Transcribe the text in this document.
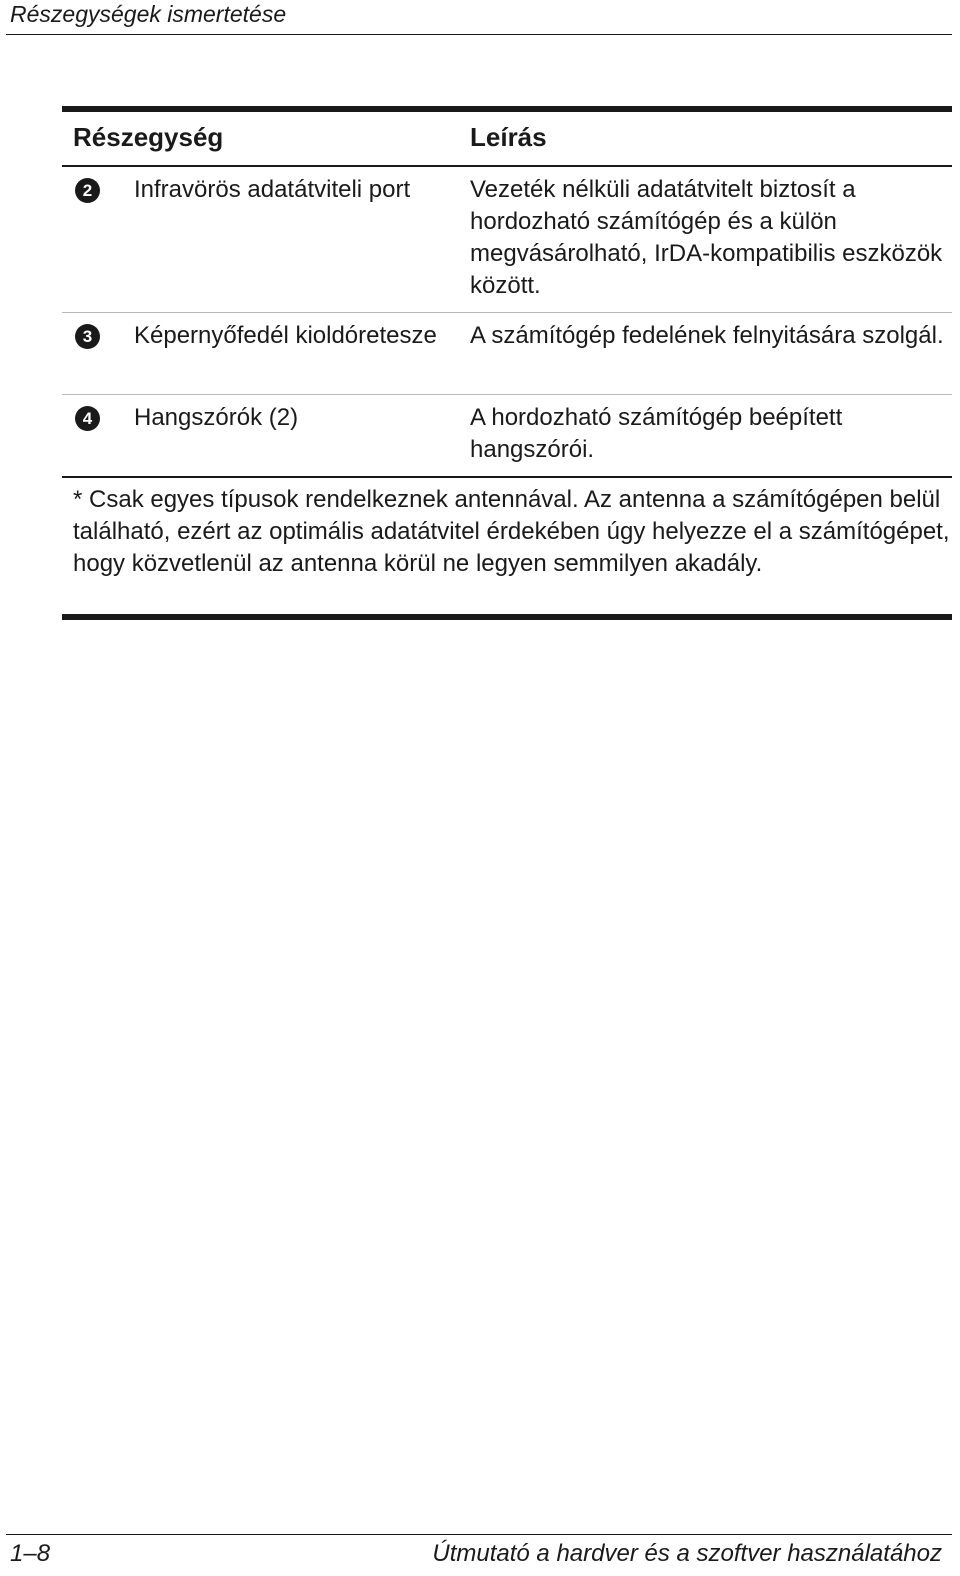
Részegységek ismertetése
Részegység	Leírás
2	Infravörös adatátviteli port	Vezeték nélküli adatátvitelt biztosít a hordozható számítógép és a külön megvásárolható, IrDA-kompatibilis eszközök között.
3	Képernyőfedél kioldóretesze	A számítógép fedelének felnyitására szolgál.
4	Hangszórók (2)	A hordozható számítógép beépített hangszórói.
* Csak egyes típusok rendelkeznek antennával. Az antenna a számítógépen belül található, ezért az optimális adatátvitel érdekében úgy helyezze el a számítógépet, hogy közvetlenül az antenna körül ne legyen semmilyen akadály.
1–8	Útmutató a hardver és a szoftver használatához
